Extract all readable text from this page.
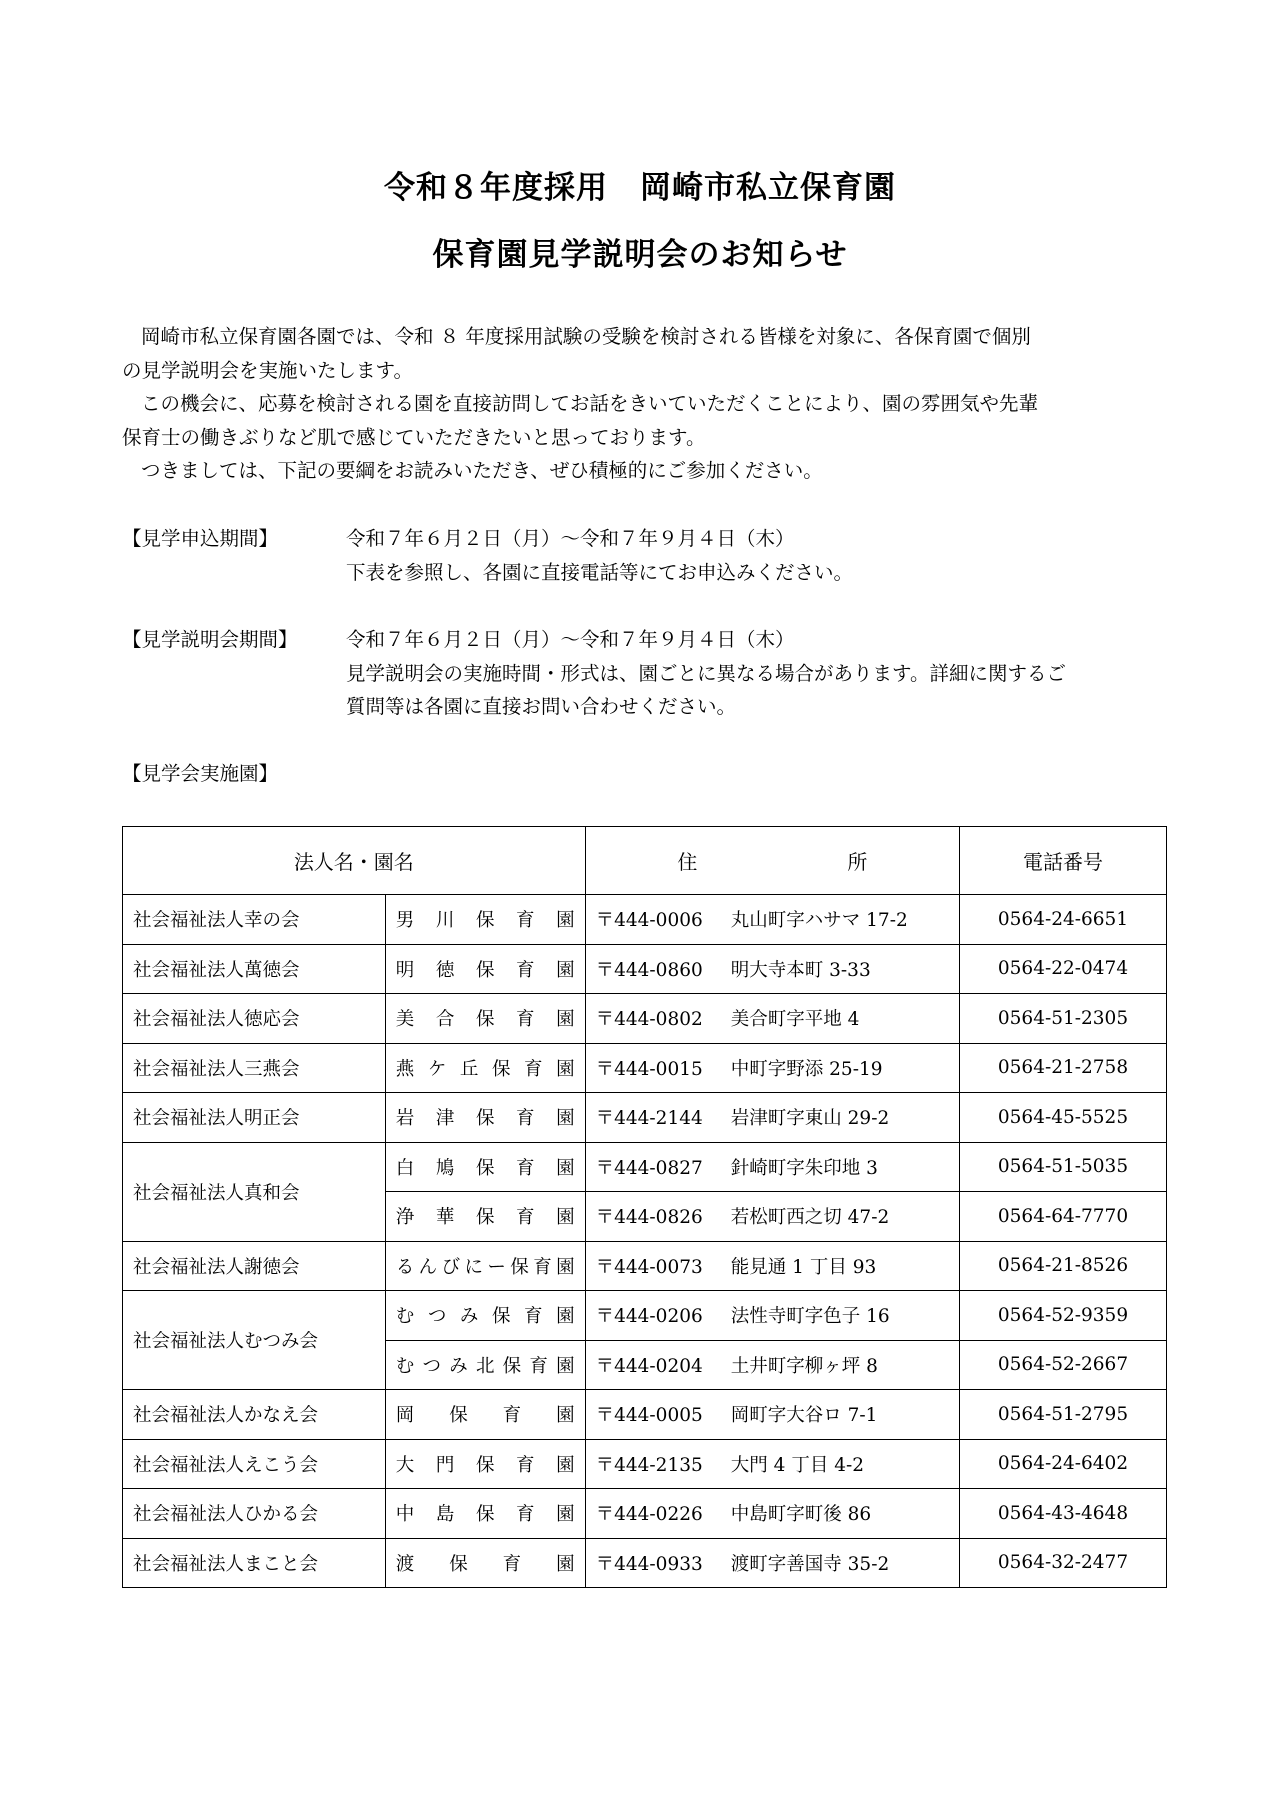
令和８年度採用　岡崎市私立保育園
保育園見学説明会のお知らせ

岡崎市私立保育園各園では、令和 ８ 年度採用試験の受験を検討される皆様を対象に、各保育園で個別

の見学説明会を実施いたします。

この機会に、応募を検討される園を直接訪問してお話をきいていただくことにより、園の雰囲気や先輩

保育士の働きぶりなど肌で感じていただきたいと思っております。

つきましては、下記の要綱をお読みいただき、ぜひ積極的にご参加ください。

【見学申込期間】	令和７年６月２日（月）～令和７年９月４日（木）

下表を参照し、各園に直接電話等にてお申込みください。

【見学説明会期間】 令和７年６月２日（月）～令和７年９月４日（木）

見学説明会の実施時間・形式は、園ごとに異なる場合があります。詳細に関するご

質問等は各園に直接お問い合わせください。

【見学会実施園】
法人名・園名		住 所	電話番号
社会福祉法人幸の会	男川保育園	〒444-0006 丸山町字ハサマ 17-2	0564-24-6651
社会福祉法人萬徳会	明徳保育園	〒444-0860 明大寺本町 3-33	0564-22-0474
社会福祉法人徳応会	美合保育園	〒444-0802 美合町字平地 4	0564-51-2305
社会福祉法人三燕会	燕ケ丘保育園	〒444-0015 中町字野添 25-19	0564-21-2758
社会福祉法人明正会	岩津保育園	〒444-2144 岩津町字東山 29-2	0564-45-5525
社会福祉法人真和会	白鳩保育園	〒444-0827 針崎町字朱印地 3	0564-51-5035
	浄華保育園	〒444-0826 若松町西之切 47-2	0564-64-7770
社会福祉法人謝徳会	るんびにー保育園	〒444-0073 能見通 1 丁目 93	0564-21-8526
社会福祉法人むつみ会	むつみ保育園	〒444-0206 法性寺町字色子 16	0564-52-9359
	むつみ北保育園	〒444-0204 土井町字柳ヶ坪 8	0564-52-2667
社会福祉法人かなえ会	岡保育園	〒444-0005 岡町字大谷ロ 7-1	0564-51-2795
社会福祉法人えこう会	大門保育園	〒444-2135 大門 4 丁目 4-2	0564-24-6402
社会福祉法人ひかる会	中島保育園	〒444-0226 中島町字町後 86	0564-43-4648
社会福祉法人まこと会	渡保育園	〒444-0933 渡町字善国寺 35-2	0564-32-2477
